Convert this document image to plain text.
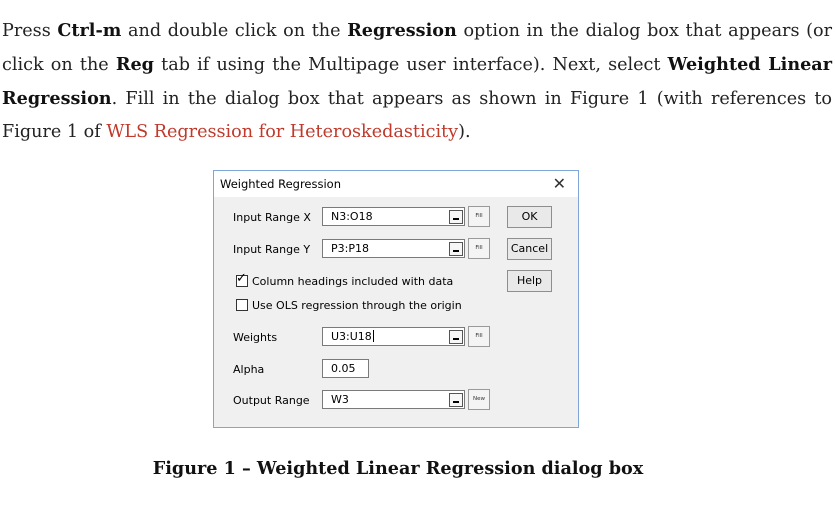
Press Ctrl-m and double click on the Regression option in the dialog box that appears (or click on the Reg tab if using the Multipage user interface). Next, select Weighted Linear Regression. Fill in the dialog box that appears as shown in Figure 1 (with references to Figure 1 of WLS Regression for Heteroskedasticity).
Weighted Regression	✕
Input Range X	N3:O18	Fill
Input Range Y	P3:P18	Fill
✓ Column headings included with data
Use OLS regression through the origin
Weights	U3:U18	Fill
Alpha	0.05
Output Range	W3	New
OK
Cancel
Help
Figure 1 – Weighted Linear Regression dialog box
